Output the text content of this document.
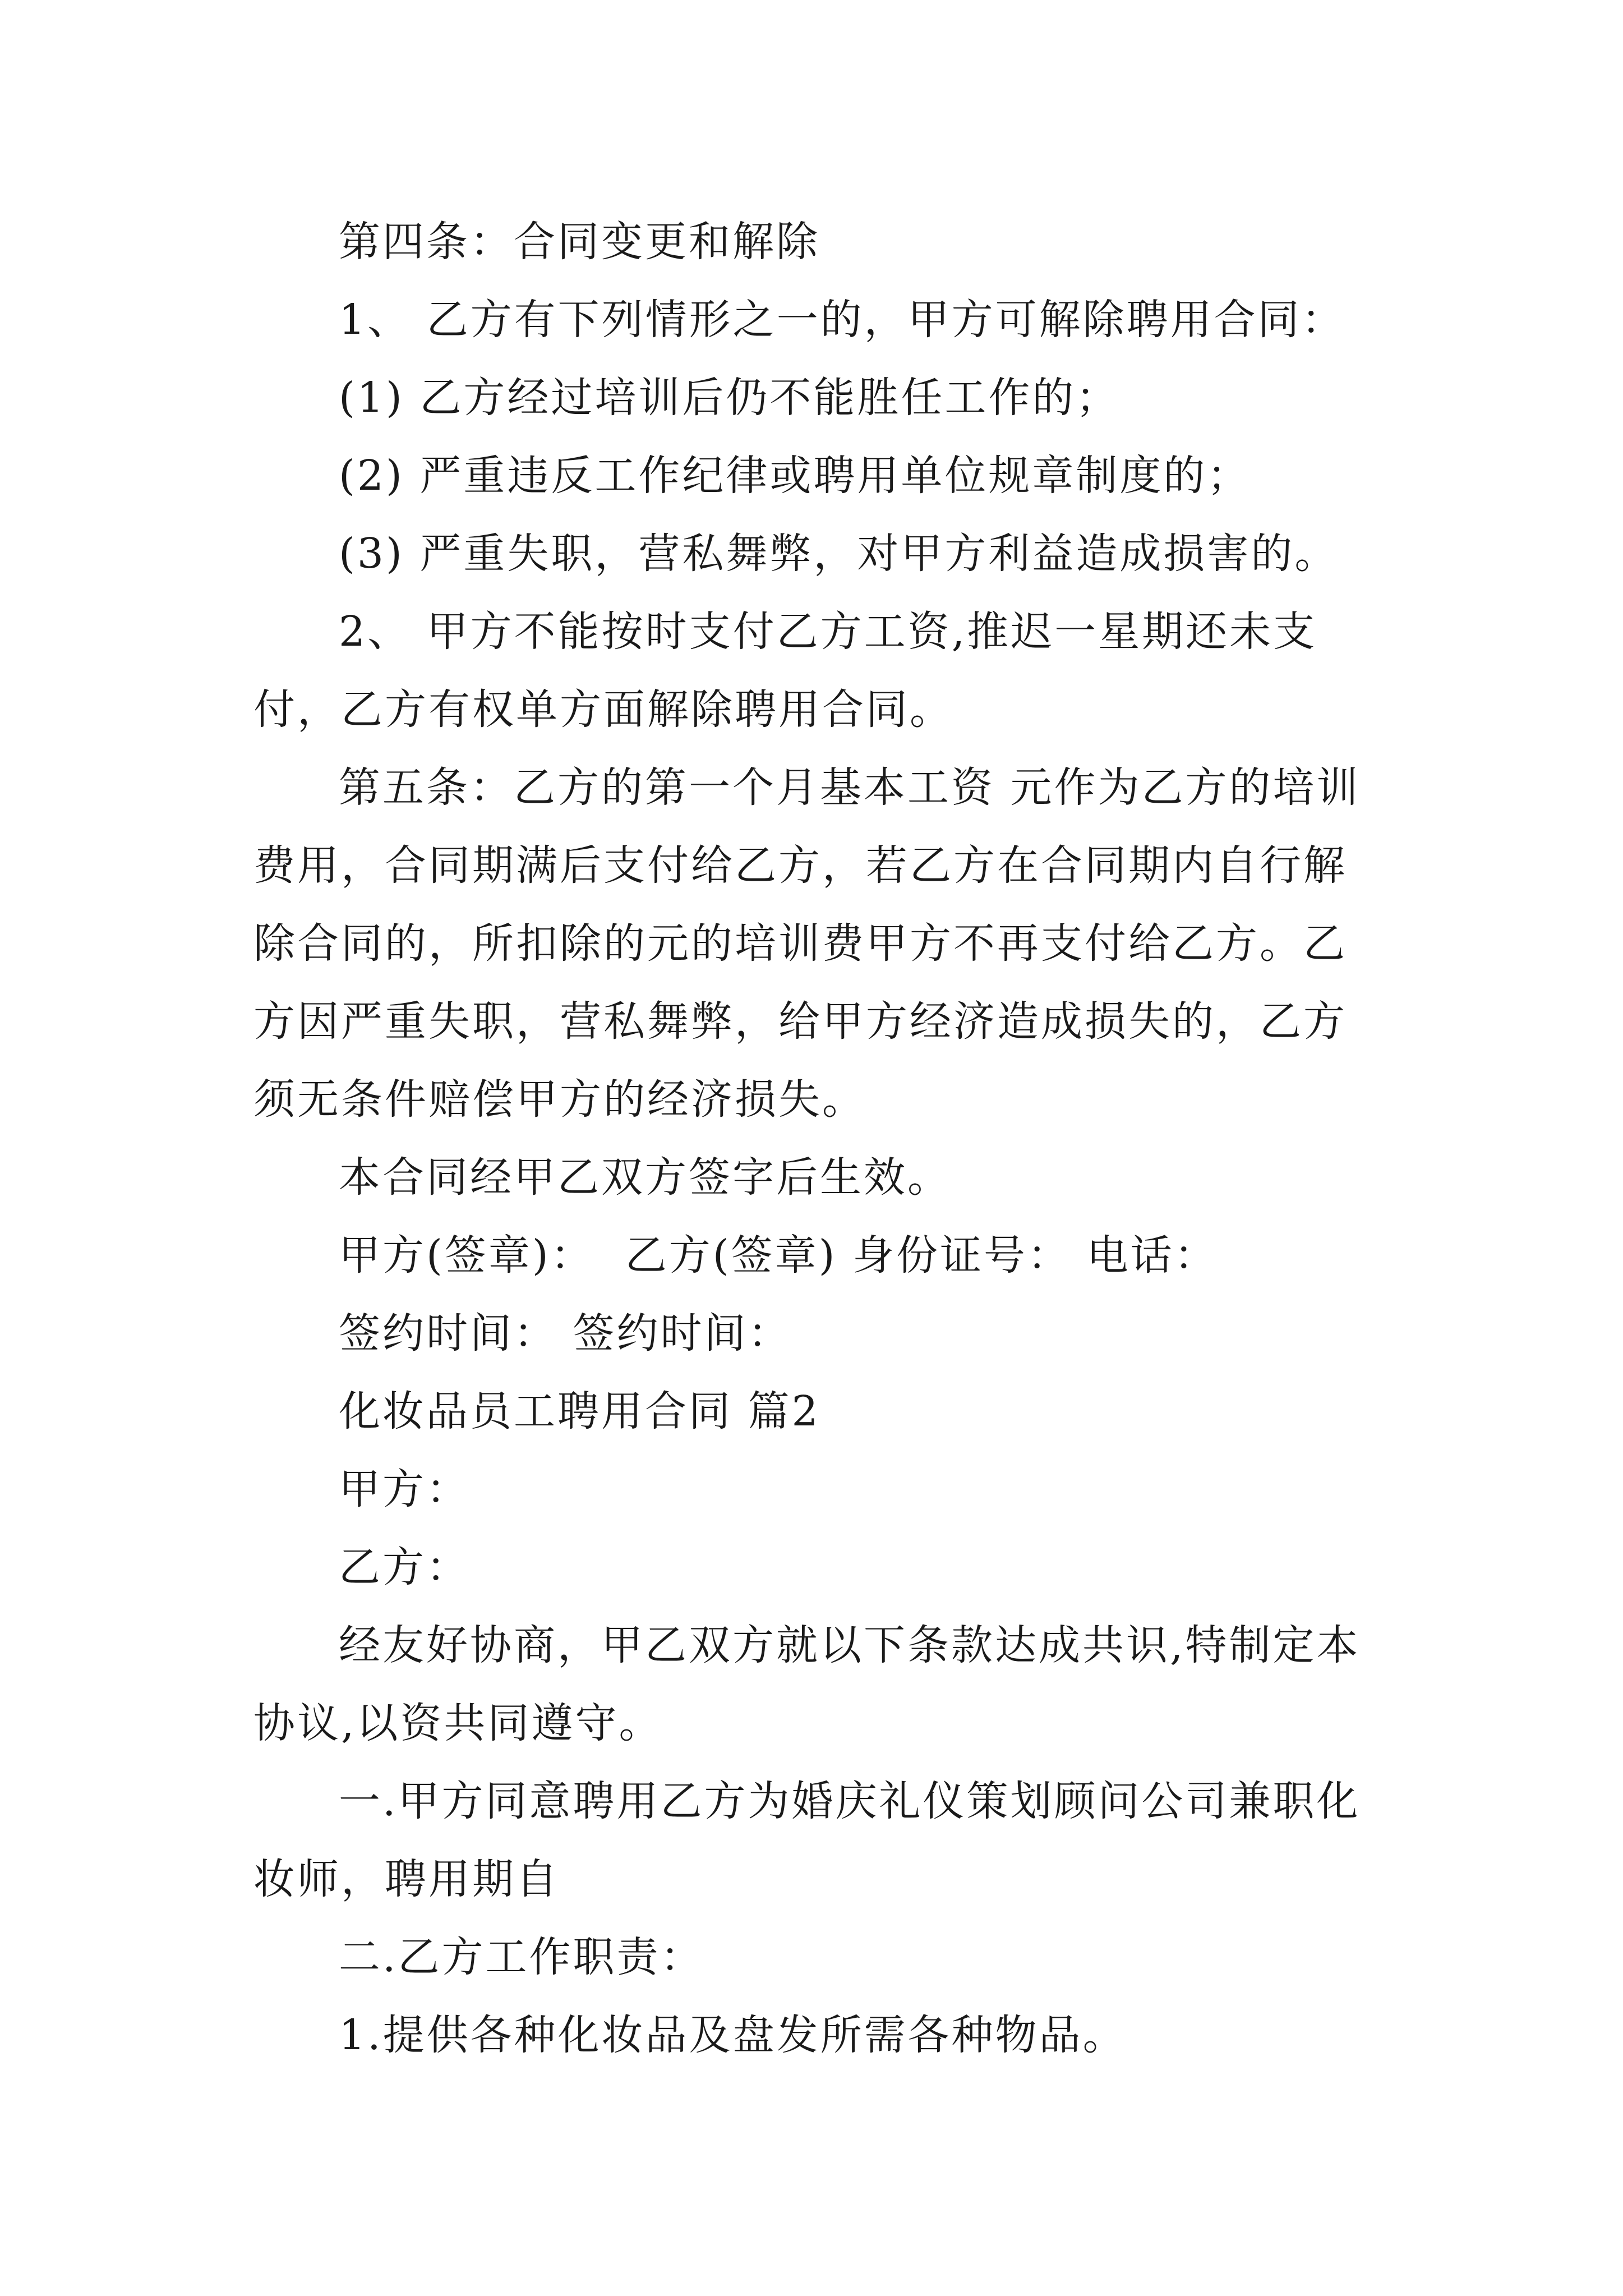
第四条：合同变更和解除

1、 乙方有下列情形之一的，甲方可解除聘用合同：

(1) 乙方经过培训后仍不能胜任工作的；

(2) 严重违反工作纪律或聘用单位规章制度的；

(3) 严重失职，营私舞弊，对甲方利益造成损害的。

2、 甲方不能按时支付乙方工资,推迟一星期还未支付，乙方有权单方面解除聘用合同。

第五条：乙方的第一个月基本工资 元作为乙方的培训费用，合同期满后支付给乙方，若乙方在合同期内自行解除合同的，所扣除的元的培训费甲方不再支付给乙方。乙方因严重失职，营私舞弊，给甲方经济造成损失的，乙方须无条件赔偿甲方的经济损失。

本合同经甲乙双方签字后生效。

甲方(签章)：  乙方(签章) 身份证号： 电话：

签约时间： 签约时间：

化妆品员工聘用合同 篇2

甲方：

乙方：

经友好协商，甲乙双方就以下条款达成共识,特制定本协议,以资共同遵守。

一.甲方同意聘用乙方为婚庆礼仪策划顾问公司兼职化妆师，聘用期自

二.乙方工作职责：

1.提供各种化妆品及盘发所需各种物品。
